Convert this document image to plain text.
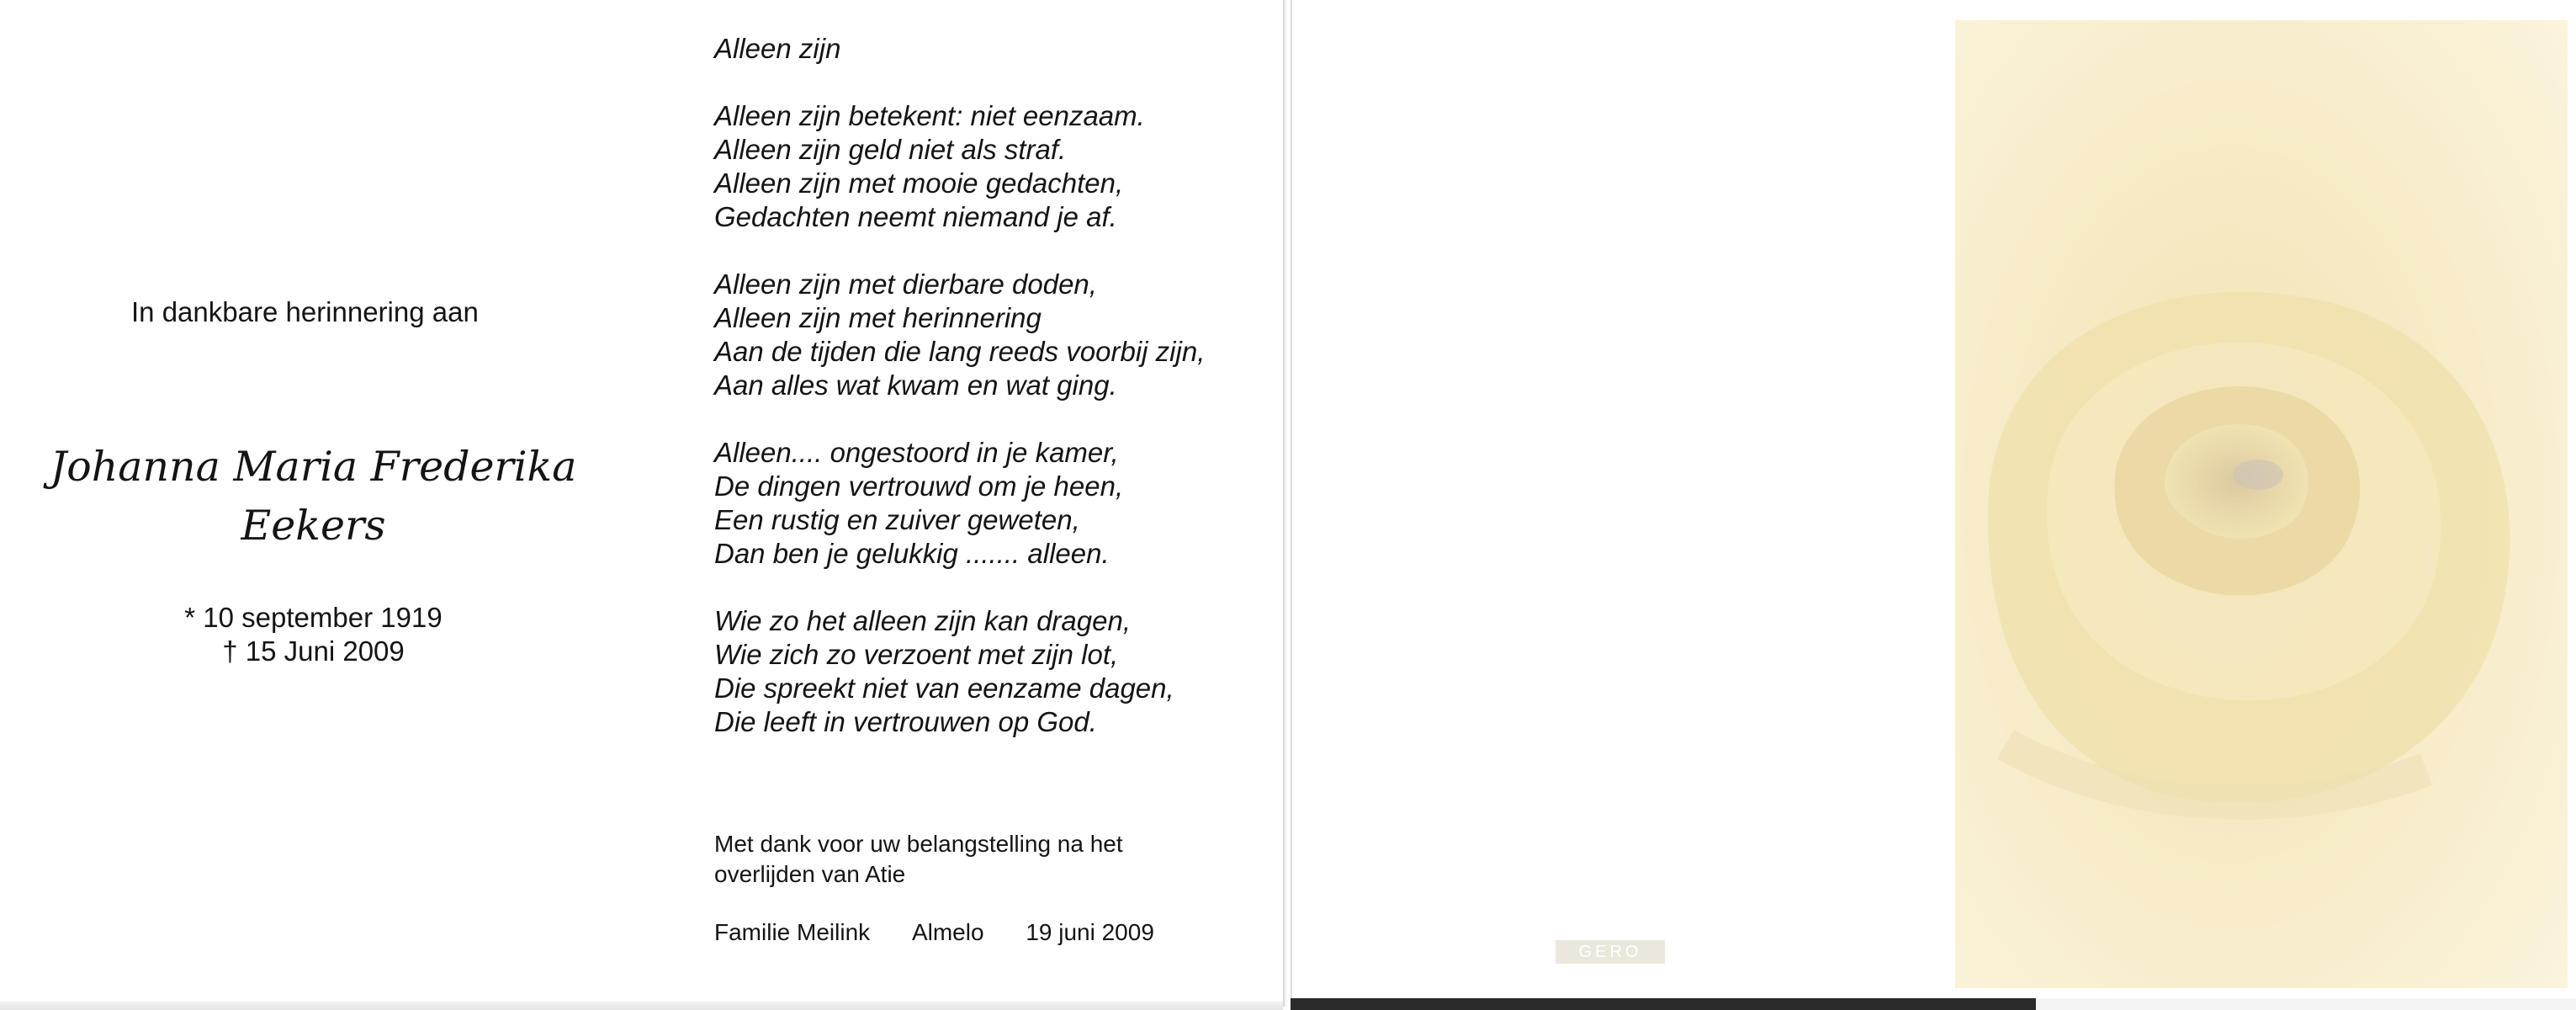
In dankbare herinnering aan
Johanna Maria Frederika
Eekers
* 10 september 1919
† 15 Juni 2009
Alleen zijn
Alleen zijn betekent: niet eenzaam.
Alleen zijn geld niet als straf.
Alleen zijn met mooie gedachten,
Gedachten neemt niemand je af.
Alleen zijn met dierbare doden,
Alleen zijn met herinnering
Aan de tijden die lang reeds voorbij zijn,
Aan alles wat kwam en wat ging.
Alleen.... ongestoord in je kamer,
De dingen vertrouwd om je heen,
Een rustig en zuiver geweten,
Dan ben je gelukkig ....... alleen.
Wie zo het alleen zijn kan dragen,
Wie zich zo verzoent met zijn lot,
Die spreekt niet van eenzame dagen,
Die leeft in vertrouwen op God.
Met dank voor uw belangstelling na het
overlijden van Atie
Familie Meilink Almelo 19 juni 2009
GERO
